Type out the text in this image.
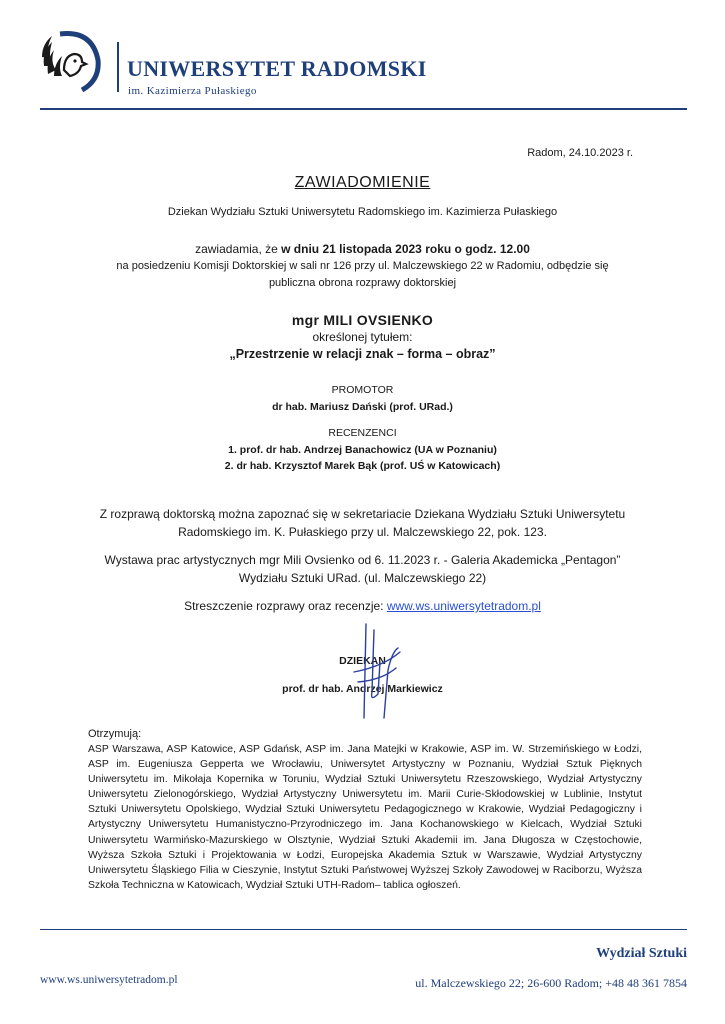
UNIWERSYTET RADOMSKI
im. Kazimierza Pułaskiego
Radom, 24.10.2023 r.
ZAWIADOMIENIE
Dziekan Wydziału Sztuki Uniwersytetu Radomskiego im. Kazimierza Pułaskiego
zawiadamia, że w dniu 21 listopada 2023 roku o godz. 12.00
na posiedzeniu Komisji Doktorskiej w sali nr 126 przy ul. Malczewskiego 22 w Radomiu, odbędzie się
publiczna obrona rozprawy doktorskiej
mgr MILI OVSIENKO
określonej tytułem:
„Przestrzenie w relacji znak – forma – obraz”
PROMOTOR
dr hab. Mariusz Dański (prof. URad.)
RECENZENCI
1. prof. dr hab. Andrzej Banachowicz (UA w Poznaniu)
2. dr hab. Krzysztof Marek Bąk (prof. UŚ w Katowicach)
Z rozprawą doktorską można zapoznać się w sekretariacie Dziekana Wydziału Sztuki Uniwersytetu
Radomskiego im. K. Pułaskiego przy ul. Malczewskiego 22, pok. 123.
Wystawa prac artystycznych mgr Mili Ovsienko od 6. 11.2023 r. - Galeria Akademicka „Pentagon”
Wydziału Sztuki URad. (ul. Malczewskiego 22)
Streszczenie rozprawy oraz recenzje: www.ws.uniwersytetradom.pl
DZIEKAN
prof. dr hab. Andrzej Markiewicz
Otrzymują:
ASP Warszawa, ASP Katowice, ASP Gdańsk, ASP im. Jana Matejki w Krakowie, ASP im. W. Strzemińskiego w Łodzi, ASP im. Eugeniusza Gepperta we Wrocławiu, Uniwersytet Artystyczny w Poznaniu, Wydział Sztuk Pięknych Uniwersytetu im. Mikołaja Kopernika w Toruniu, Wydział Sztuki Uniwersytetu Rzeszowskiego, Wydział Artystyczny Uniwersytetu Zielonogórskiego, Wydział Artystyczny Uniwersytetu im. Marii Curie-Skłodowskiej w Lublinie, Instytut Sztuki Uniwersytetu Opolskiego, Wydział Sztuki Uniwersytetu Pedagogicznego w Krakowie, Wydział Pedagogiczny i Artystyczny Uniwersytetu Humanistyczno-Przyrodniczego im. Jana Kochanowskiego w Kielcach, Wydział Sztuki Uniwersytetu Warmińsko-Mazurskiego w Olsztynie, Wydział Sztuki Akademii im. Jana Długosza w Częstochowie, Wyższa Szkoła Sztuki i Projektowania w Łodzi, Europejska Akademia Sztuk w Warszawie, Wydział Artystyczny Uniwersytetu Śląskiego Filia w Cieszynie, Instytut Sztuki Państwowej Wyższej Szkoły Zawodowej w Raciborzu, Wyższa Szkoła Techniczna w Katowicach, Wydział Sztuki UTH-Radom– tablica ogłoszeń.
Wydział Sztuki
www.ws.uniwersytetradom.pl	ul. Malczewskiego 22; 26-600 Radom; +48 48 361 7854
